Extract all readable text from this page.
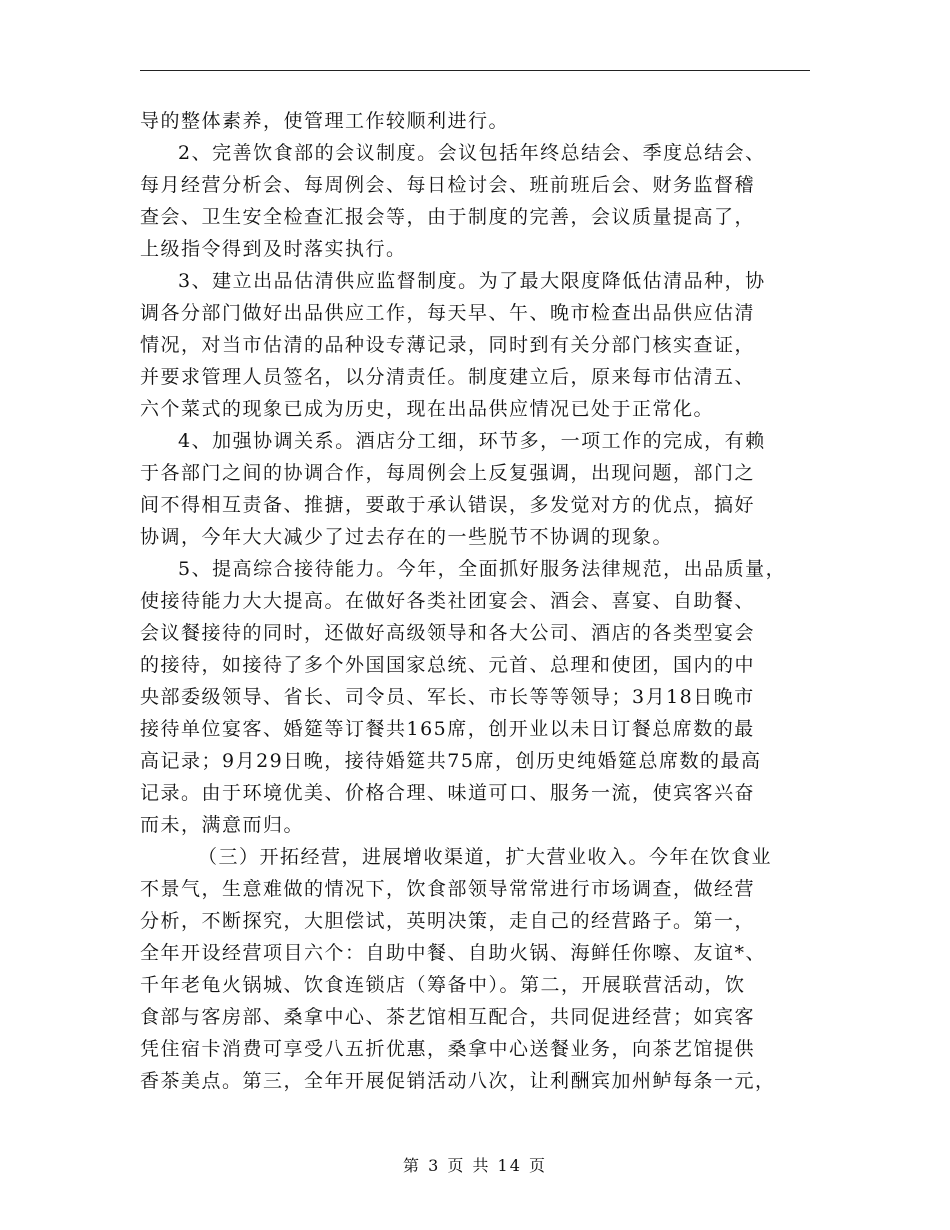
导的整体素养，使管理工作较顺利进行。
2、完善饮食部的会议制度。会议包括年终总结会、季度总结会、
每月经营分析会、每周例会、每日检讨会、班前班后会、财务监督稽
查会、卫生安全检查汇报会等，由于制度的完善，会议质量提高了，
上级指令得到及时落实执行。
3、建立出品估清供应监督制度。为了最大限度降低估清品种，协
调各分部门做好出品供应工作，每天早、午、晚市检查出品供应估清
情况，对当市估清的品种设专薄记录，同时到有关分部门核实查证，
并要求管理人员签名，以分清责任。制度建立后，原来每市估清五、
六个菜式的现象已成为历史，现在出品供应情况已处于正常化。
4、加强协调关系。酒店分工细，环节多，一项工作的完成，有赖
于各部门之间的协调合作，每周例会上反复强调，出现问题，部门之
间不得相互责备、推搪，要敢于承认错误，多发觉对方的优点，搞好
协调，今年大大减少了过去存在的一些脱节不协调的现象。
5、提高综合接待能力。今年，全面抓好服务法律规范，出品质量，
使接待能力大大提高。在做好各类社团宴会、酒会、喜宴、自助餐、
会议餐接待的同时，还做好高级领导和各大公司、酒店的各类型宴会
的接待，如接待了多个外国国家总统、元首、总理和使团，国内的中
央部委级领导、省长、司令员、军长、市长等等领导；3月18日晚市
接待单位宴客、婚筵等订餐共165席，创开业以未日订餐总席数的最
高记录；9月29日晚，接待婚筵共75席，创历史纯婚筵总席数的最高
记录。由于环境优美、价格合理、味道可口、服务一流，使宾客兴奋
而未，满意而归。
（三）开拓经营，进展增收渠道，扩大营业收入。今年在饮食业
不景气，生意难做的情况下，饮食部领导常常进行市场调查，做经营
分析，不断探究，大胆偿试，英明决策，走自己的经营路子。第一，
全年开设经营项目六个：自助中餐、自助火锅、海鲜任你嚓、友谊*、
千年老龟火锅城、饮食连锁店（筹备中）。第二，开展联营活动，饮
食部与客房部、桑拿中心、茶艺馆相互配合，共同促进经营；如宾客
凭住宿卡消费可享受八五折优惠，桑拿中心送餐业务，向茶艺馆提供
香茶美点。第三，全年开展促销活动八次，让利酬宾加州鲈每条一元，
第 3 页 共 14 页
